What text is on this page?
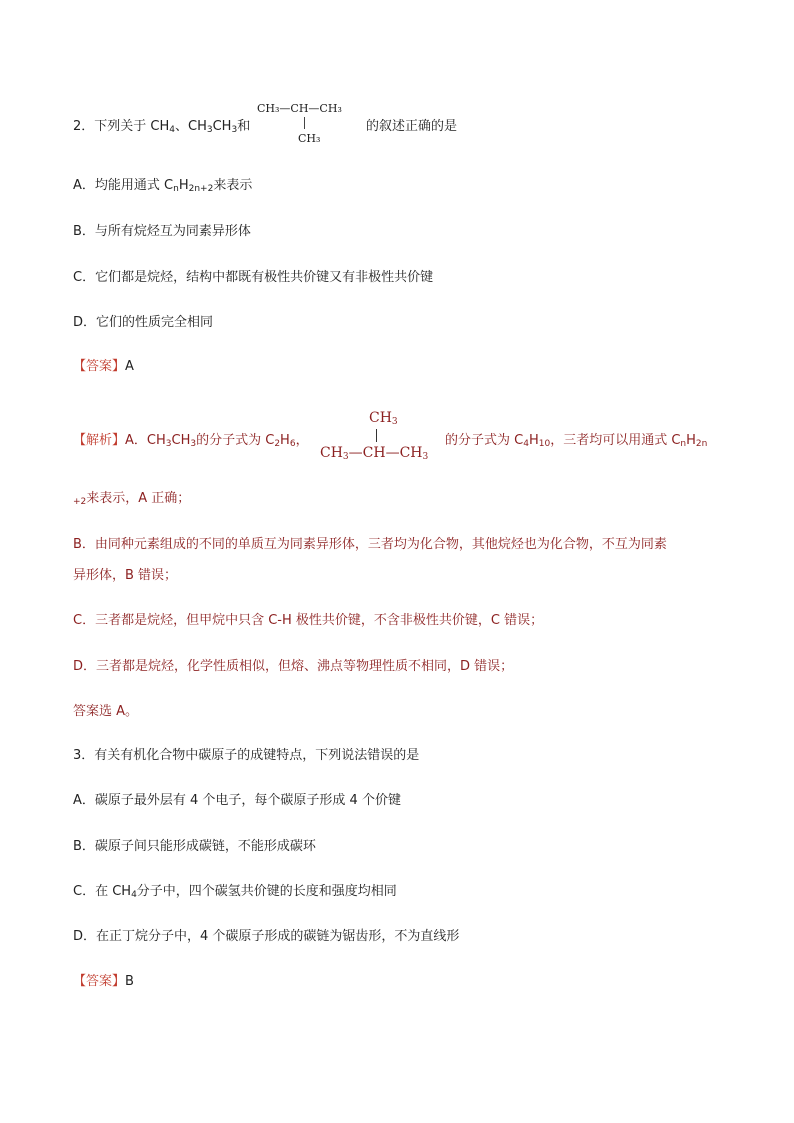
2．下列关于 $CH_4$、$CH_3CH_3$和
CH₃—CH—CH₃
CH₃
的叙述正确的是
A．均能用通式 $C_nH_{2n+2}$来表示
B．与所有烷烃互为同素异形体
C．它们都是烷烃，结构中都既有极性共价键又有非极性共价键
D．它们的性质完全相同
【答案】A
【解析】A．$CH_3CH_3$的分子式为 $C_2H_6$，
$CH_3$
$CH_3—CH—CH_3$
的分子式为 $C_4H_{10}$，三者均可以用通式 $C_nH_{2n}$
$_{+2}$来表示，A 正确；
B．由同种元素组成的不同的单质互为同素异形体，三者均为化合物，其他烷烃也为化合物，不互为同素
异形体，B 错误；
C．三者都是烷烃，但甲烷中只含 C-H 极性共价键，不含非极性共价键，C 错误；
D．三者都是烷烃，化学性质相似，但熔、沸点等物理性质不相同，D 错误；
答案选 A。
3．有关有机化合物中碳原子的成键特点，下列说法错误的是
A．碳原子最外层有 4 个电子，每个碳原子形成 4 个价键
B．碳原子间只能形成碳链，不能形成碳环
C．在 $CH_4$分子中，四个碳氢共价键的长度和强度均相同
D．在正丁烷分子中，4 个碳原子形成的碳链为锯齿形，不为直线形
【答案】B
